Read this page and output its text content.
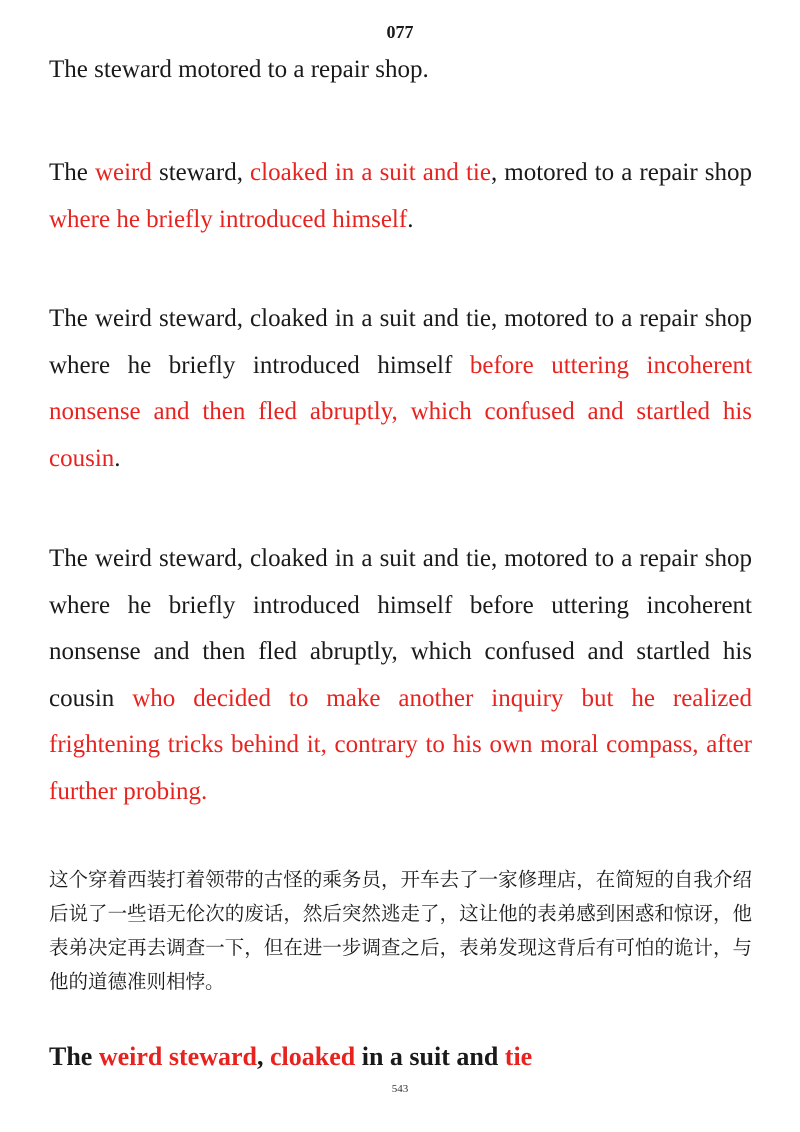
077

The steward motored to a repair shop.

The weird steward, cloaked in a suit and tie, motored to a repair shop where he briefly introduced himself.

The weird steward, cloaked in a suit and tie, motored to a repair shop where he briefly introduced himself before uttering incoherent nonsense and then fled abruptly, which confused and startled his cousin.

The weird steward, cloaked in a suit and tie, motored to a repair shop where he briefly introduced himself before uttering incoherent nonsense and then fled abruptly, which confused and startled his cousin who decided to make another inquiry but he realized frightening tricks behind it, contrary to his own moral compass, after further probing.

这个穿着西装打着领带的古怪的乘务员，开车去了一家修理店，在简短的自我介绍后说了一些语无伦次的废话，然后突然逃走了，这让他的表弟感到困惑和惊讶，他表弟决定再去调查一下，但在进一步调查之后，表弟发现这背后有可怕的诡计，与他的道德准则相悖。

The weird steward, cloaked in a suit and tie

543
